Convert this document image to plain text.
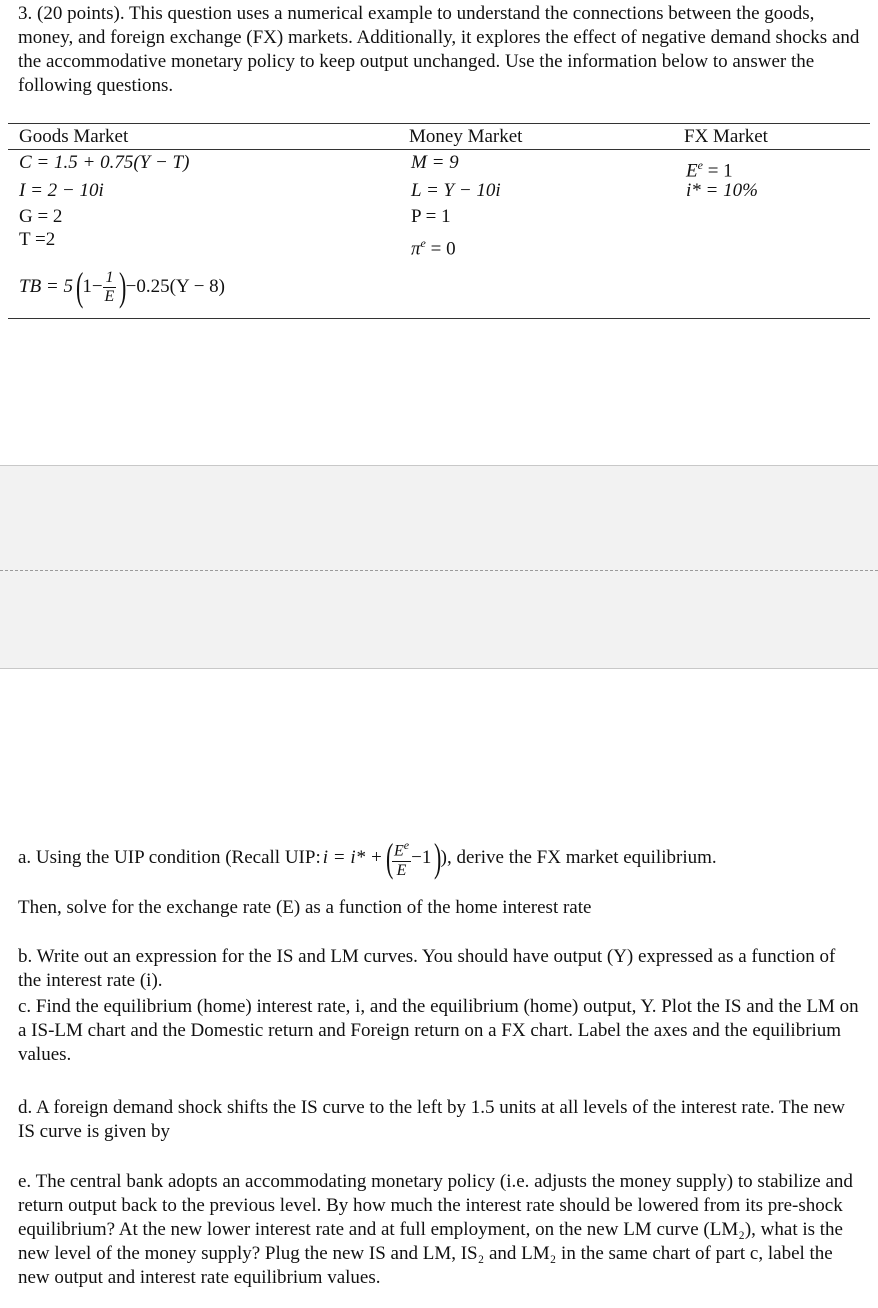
3. (20 points). This question uses a numerical example to understand the connections between the goods, money, and foreign exchange (FX) markets. Additionally, it explores the effect of negative demand shocks and the accommodative monetary policy to keep output unchanged. Use the information below to answer the following questions.

Goods Market	Money Market	FX Market
C = 1.5 + 0.75(Y − T)
I = 2 − 10i
G = 2
T =2
TB = 5 (
$1- \frac{1}{E}$ )
−0.25(Y − 8)
M = 9
L = Y − 10i
P = 1
$\pi^e = 0$
$E^e = 1$
i* = 10%
a. Using the UIP condition (Recall UIP: i = i* + (
$\frac{E^e}{E} -1$ )
), derive the FX market equilibrium.

Then, solve for the exchange rate (E) as a function of the home interest rate

b. Write out an expression for the IS and LM curves. You should have output (Y) expressed as a function of the interest rate (i).

c. Find the equilibrium (home) interest rate, i, and the equilibrium (home) output, Y. Plot the IS and the LM on a IS-LM chart and the Domestic return and Foreign return on a FX chart. Label the axes and the equilibrium values.

d. A foreign demand shock shifts the IS curve to the left by 1.5 units at all levels of the interest rate. The new IS curve is given by

e. The central bank adopts an accommodating monetary policy (i.e. adjusts the money supply) to stabilize and return output back to the previous level. By how much the interest rate should be lowered from its pre-shock equilibrium? At the new lower interest rate and at full employment, on the new LM curve (LM₂), what is the new level of the money supply? Plug the new IS and LM, IS₂ and LM₂ in the same chart of part c, label the new output and interest rate equilibrium values.
